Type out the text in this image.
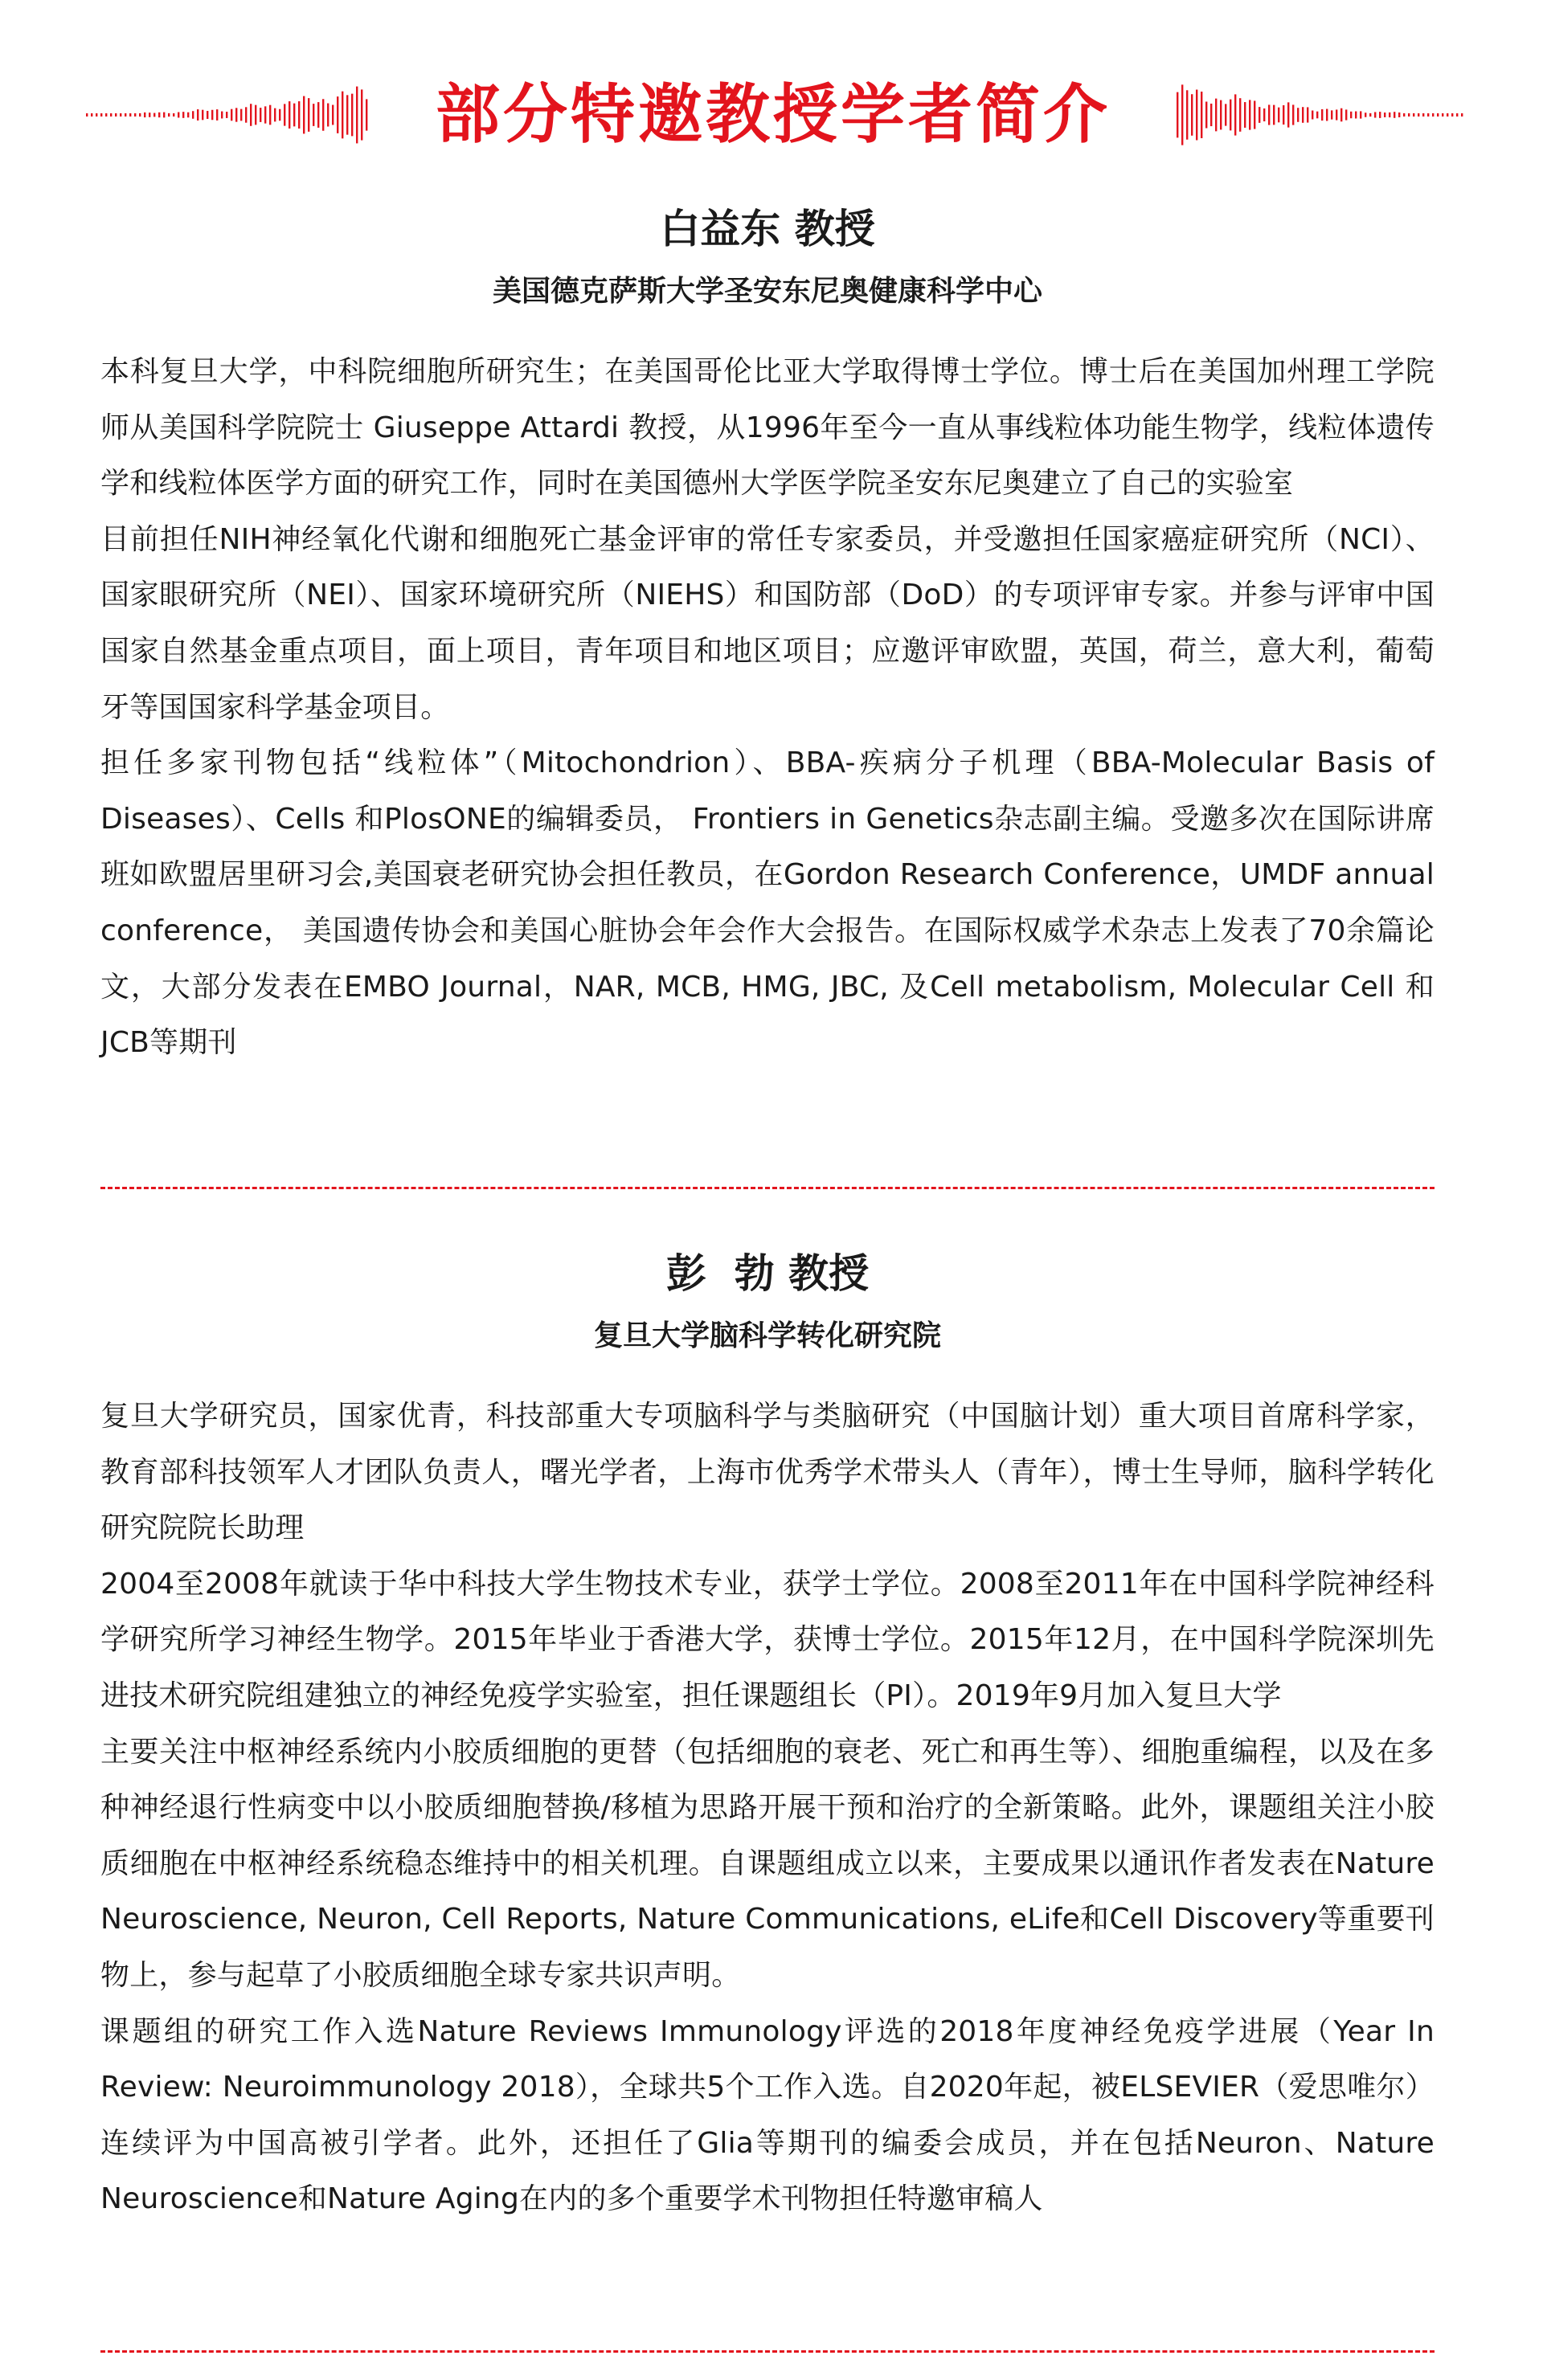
部分特邀教授学者简介
白益东 教授
美国德克萨斯大学圣安东尼奥健康科学中心

本科复旦大学，中科院细胞所研究生；在美国哥伦比亚大学取得博士学位。博士后在美国加州理工学院师从美国科学院院士 Giuseppe Attardi 教授，从1996年至今一直从事线粒体功能生物学，线粒体遗传学和线粒体医学方面的研究工作，同时在美国德州大学医学院圣安东尼奥建立了自己的实验室

目前担任NIH神经氧化代谢和细胞死亡基金评审的常任专家委员，并受邀担任国家癌症研究所（NCI）、国家眼研究所（NEI）、国家环境研究所（NIEHS）和国防部（DoD）的专项评审专家。并参与评审中国国家自然基金重点项目，面上项目，青年项目和地区项目；应邀评审欧盟，英国，荷兰，意大利，葡萄牙等国国家科学基金项目。

担任多家刊物包括“线粒体”（Mitochondrion）、BBA-疾病分子机理（BBA-Molecular Basis of Diseases）、Cells 和PlosONE的编辑委员， Frontiers in Genetics杂志副主编。受邀多次在国际讲席班如欧盟居里研习会,美国衰老研究协会担任教员，在Gordon Research Conference，UMDF annual conference， 美国遗传协会和美国心脏协会年会作大会报告。在国际权威学术杂志上发表了70余篇论文，大部分发表在EMBO Journal，NAR, MCB, HMG, JBC, 及Cell metabolism, Molecular Cell 和 JCB等期刊

彭  勃 教授
复旦大学脑科学转化研究院

复旦大学研究员，国家优青，科技部重大专项脑科学与类脑研究（中国脑计划）重大项目首席科学家，教育部科技领军人才团队负责人，曙光学者，上海市优秀学术带头人（青年），博士生导师，脑科学转化研究院院长助理

2004至2008年就读于华中科技大学生物技术专业，获学士学位。2008至2011年在中国科学院神经科学研究所学习神经生物学。2015年毕业于香港大学，获博士学位。2015年12月，在中国科学院深圳先进技术研究院组建独立的神经免疫学实验室，担任课题组长（PI）。2019年9月加入复旦大学

主要关注中枢神经系统内小胶质细胞的更替（包括细胞的衰老、死亡和再生等）、细胞重编程，以及在多种神经退行性病变中以小胶质细胞替换/移植为思路开展干预和治疗的全新策略。此外，课题组关注小胶质细胞在中枢神经系统稳态维持中的相关机理。自课题组成立以来，主要成果以通讯作者发表在Nature Neuroscience, Neuron, Cell Reports, Nature Communications, eLife和Cell Discovery等重要刊物上，参与起草了小胶质细胞全球专家共识声明。

课题组的研究工作入选Nature Reviews Immunology评选的2018年度神经免疫学进展（Year In Review: Neuroimmunology 2018），全球共5个工作入选。自2020年起，被ELSEVIER（爱思唯尔）连续评为中国高被引学者。此外，还担任了Glia等期刊的编委会成员，并在包括Neuron、Nature Neuroscience和Nature Aging在内的多个重要学术刊物担任特邀审稿人
